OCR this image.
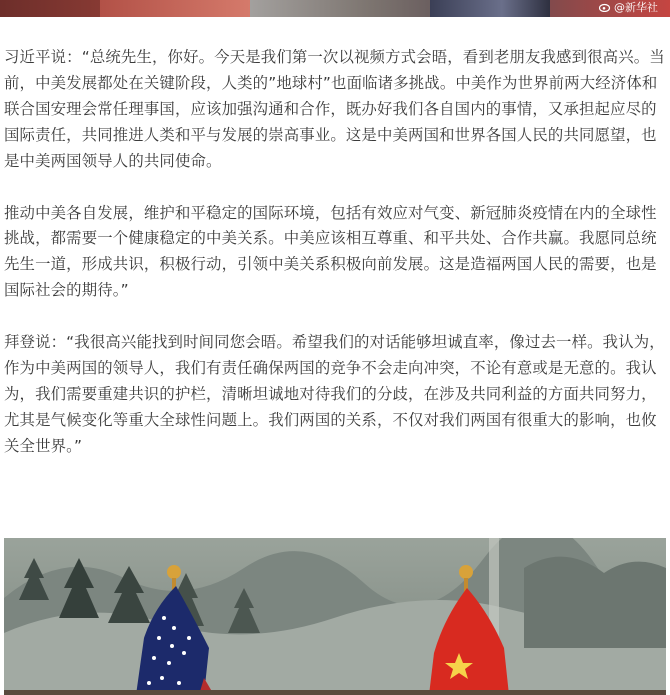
@新华社

习近平说：“总统先生，你好。今天是我们第一次以视频方式会晤，看到老朋友我感到很高兴。当前，中美发展都处在关键阶段，人类的”地球村”也面临诸多挑战。中美作为世界前两大经济体和联合国安理会常任理事国，应该加强沟通和合作，既办好我们各自国内的事情，又承担起应尽的国际责任，共同推进人类和平与发展的崇高事业。这是中美两国和世界各国人民的共同愿望，也是中美两国领导人的共同使命。

推动中美各自发展，维护和平稳定的国际环境，包括有效应对气变、新冠肺炎疫情在内的全球性挑战，都需要一个健康稳定的中美关系。中美应该相互尊重、和平共处、合作共赢。我愿同总统先生一道，形成共识，积极行动，引领中美关系积极向前发展。这是造福两国人民的需要，也是国际社会的期待。”

拜登说：“我很高兴能找到时间同您会晤。希望我们的对话能够坦诚直率，像过去一样。我认为，作为中美两国的领导人，我们有责任确保两国的竞争不会走向冲突，不论有意或是无意的。我认为，我们需要重建共识的护栏，清晰坦诚地对待我们的分歧，在涉及共同利益的方面共同努力，尤其是气候变化等重大全球性问题上。我们两国的关系，不仅对我们两国有很重大的影响，也攸关全世界。”
